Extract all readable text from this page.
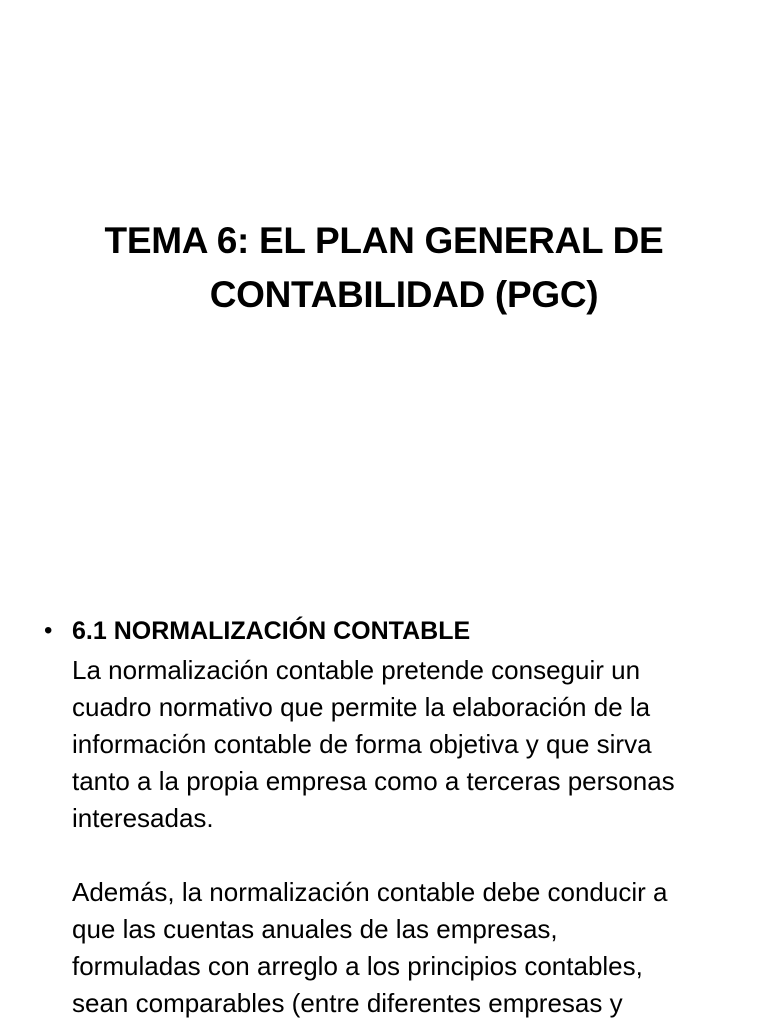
TEMA 6: EL PLAN GENERAL DE
CONTABILIDAD (PGC)
• 6.1 NORMALIZACIÓN CONTABLE
La normalización contable pretende conseguir un
cuadro normativo que permite la elaboración de la
información contable de forma objetiva y que sirva
tanto a la propia empresa como a terceras personas
interesadas.
Además, la normalización contable debe conducir a
que las cuentas anuales de las empresas,
formuladas con arreglo a los principios contables,
sean comparables (entre diferentes empresas y
